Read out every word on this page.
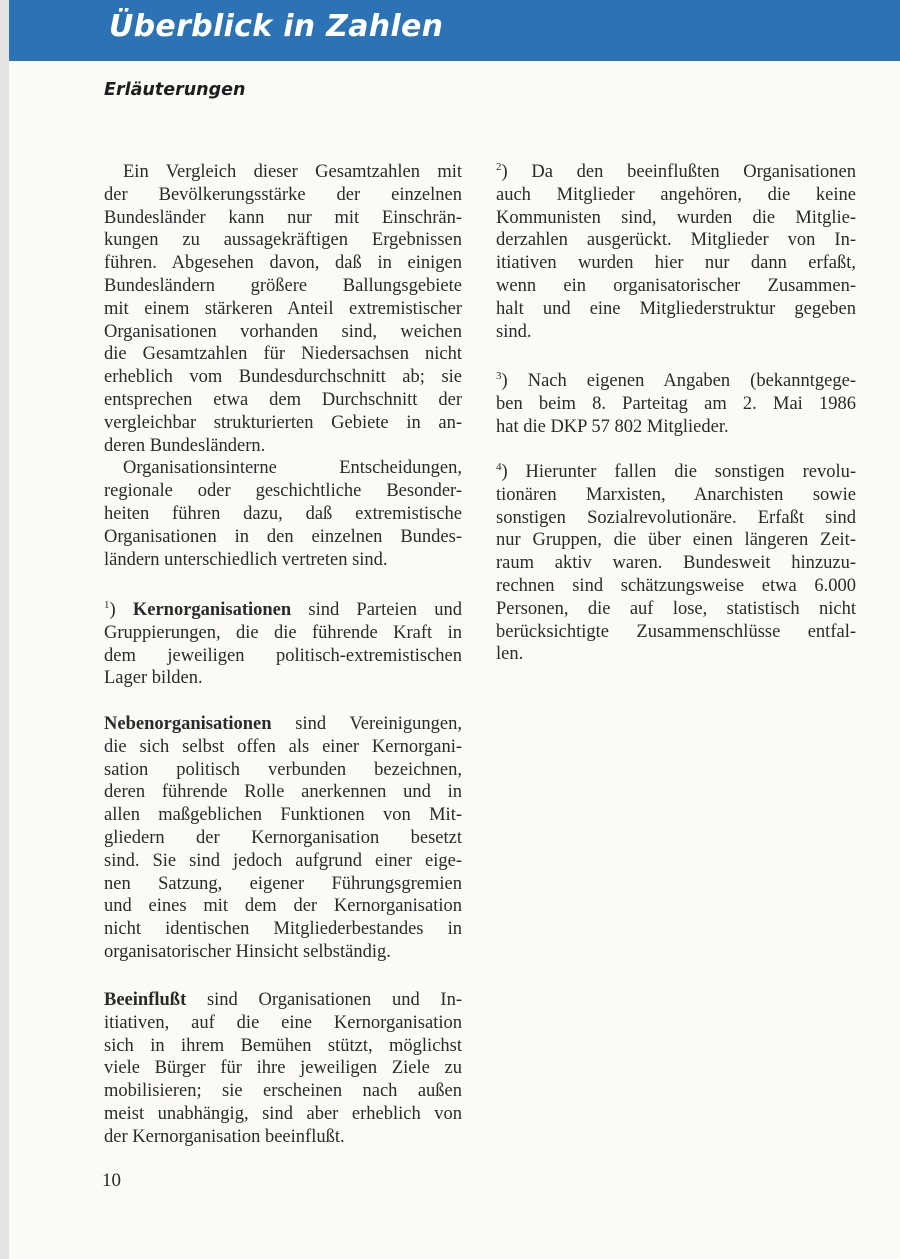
Überblick in Zahlen
Erläuterungen
Ein Vergleich dieser Gesamtzahlen mit
der Bevölkerungsstärke der einzelnen
Bundesländer kann nur mit Einschrän-
kungen zu aussagekräftigen Ergebnissen
führen. Abgesehen davon, daß in einigen
Bundesländern größere Ballungsgebiete
mit einem stärkeren Anteil extremistischer
Organisationen vorhanden sind, weichen
die Gesamtzahlen für Niedersachsen nicht
erheblich vom Bundesdurchschnitt ab; sie
entsprechen etwa dem Durchschnitt der
vergleichbar strukturierten Gebiete in an-
deren Bundesländern.
Organisationsinterne Entscheidungen,
regionale oder geschichtliche Besonder-
heiten führen dazu, daß extremistische
Organisationen in den einzelnen Bundes-
ländern unterschiedlich vertreten sind.
$^1$) Kernorganisationen sind Parteien und
Gruppierungen, die die führende Kraft in
dem jeweiligen politisch-extremistischen
Lager bilden.
Nebenorganisationen sind Vereinigungen,
die sich selbst offen als einer Kernorgani-
sation politisch verbunden bezeichnen,
deren führende Rolle anerkennen und in
allen maßgeblichen Funktionen von Mit-
gliedern der Kernorganisation besetzt
sind. Sie sind jedoch aufgrund einer eige-
nen Satzung, eigener Führungsgremien
und eines mit dem der Kernorganisation
nicht identischen Mitgliederbestandes in
organisatorischer Hinsicht selbständig.
Beeinflußt sind Organisationen und In-
itiativen, auf die eine Kernorganisation
sich in ihrem Bemühen stützt, möglichst
viele Bürger für ihre jeweiligen Ziele zu
mobilisieren; sie erscheinen nach außen
meist unabhängig, sind aber erheblich von
der Kernorganisation beeinflußt.
$^2$) Da den beeinflußten Organisationen
auch Mitglieder angehören, die keine
Kommunisten sind, wurden die Mitglie-
derzahlen ausgerückt. Mitglieder von In-
itiativen wurden hier nur dann erfaßt,
wenn ein organisatorischer Zusammen-
halt und eine Mitgliederstruktur gegeben
sind.
$^3$) Nach eigenen Angaben (bekanntgege-
ben beim 8. Parteitag am 2. Mai 1986
hat die DKP 57 802 Mitglieder.
$^4$) Hierunter fallen die sonstigen revolu-
tionären Marxisten, Anarchisten sowie
sonstigen Sozialrevolutionäre. Erfaßt sind
nur Gruppen, die über einen längeren Zeit-
raum aktiv waren. Bundesweit hinzuzu-
rechnen sind schätzungsweise etwa 6.000
Personen, die auf lose, statistisch nicht
berücksichtigte Zusammenschlüsse entfal-
len.
10
